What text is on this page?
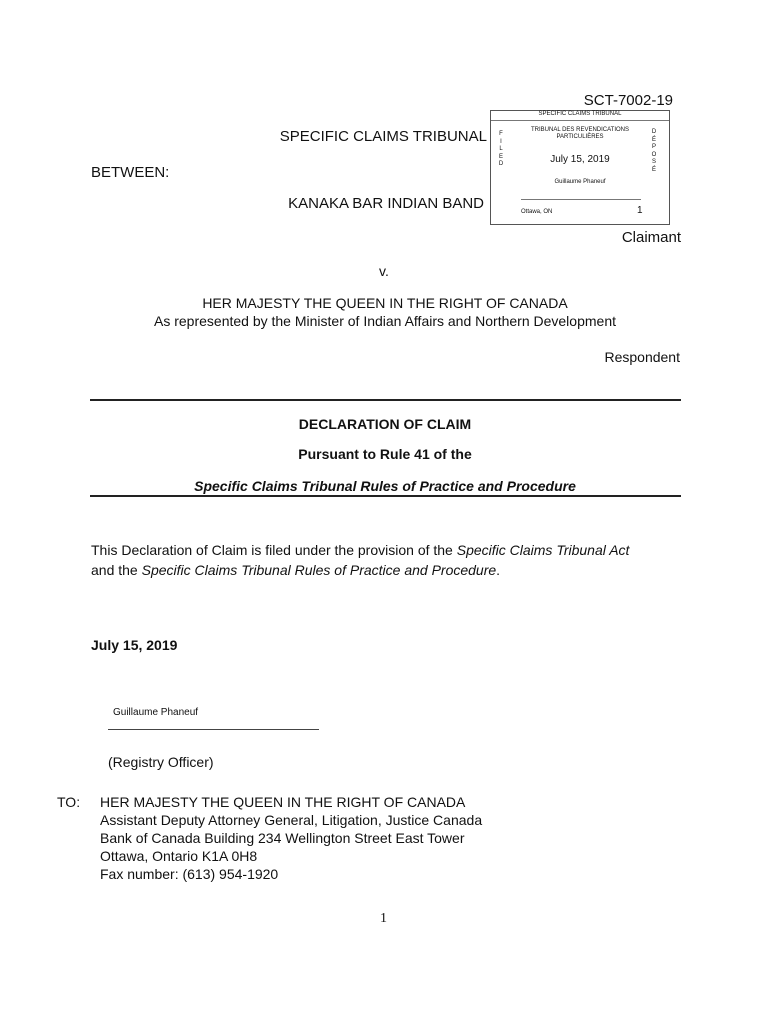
SCT-7002-19
SPECIFIC CLAIMS TRIBUNAL
BETWEEN:
KANAKA BAR INDIAN BAND
SPECIFIC CLAIMS TRIBUNAL
TRIBUNAL DES REVENDICATIONS
PARTICULIÈRES
F
I
L
E
D
D
É
P
O
S
É
July 15, 2019
Guillaume Phaneuf
Ottawa, ON	1
Claimant
v.
HER MAJESTY THE QUEEN IN THE RIGHT OF CANADA
As represented by the Minister of Indian Affairs and Northern Development
Respondent
DECLARATION OF CLAIM
Pursuant to Rule 41 of the
Specific Claims Tribunal Rules of Practice and Procedure
This Declaration of Claim is filed under the provision of the Specific Claims Tribunal Act
and the Specific Claims Tribunal Rules of Practice and Procedure.
July 15, 2019
Guillaume Phaneuf
(Registry Officer)
TO: HER MAJESTY THE QUEEN IN THE RIGHT OF CANADA
Assistant Deputy Attorney General, Litigation, Justice Canada
Bank of Canada Building 234 Wellington Street East Tower
Ottawa, Ontario K1A 0H8
Fax number: (613) 954-1920
1
